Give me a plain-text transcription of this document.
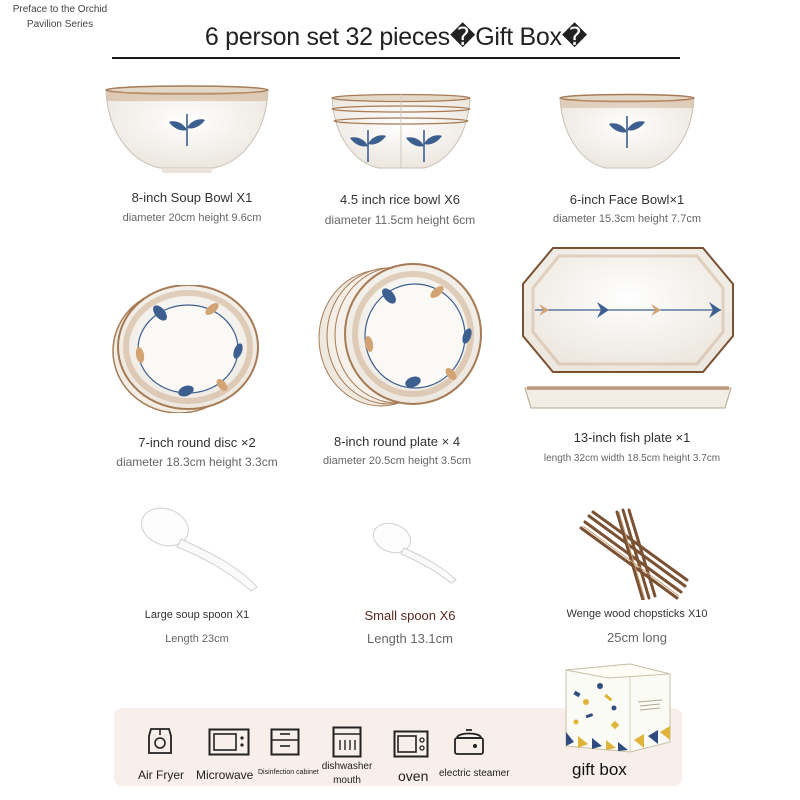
Preface to the Orchid
Pavilion Series	6 person set 32 pieces�Gift Box�
8-inch Soup Bowl X1
diameter 20cm height 9.6cm
4.5 inch rice bowl X6
diameter 11.5cm height 6cm
6-inch Face Bowl×1
diameter 15.3cm height 7.7cm
7-inch round disc ×2
diameter 18.3cm height 3.3cm
8-inch round plate × 4
diameter 20.5cm height 3.5cm
13-inch fish plate ×1
length 32cm width 18.5cm height 3.7cm
Large soup spoon X1
Length 23cm
Small spoon X6
Length 13.1cm
Wenge wood chopsticks X10
25cm long
Air Fryer Microwave Disinfection cabinet
dishwasher mouth	oven electric steamer	gift box
